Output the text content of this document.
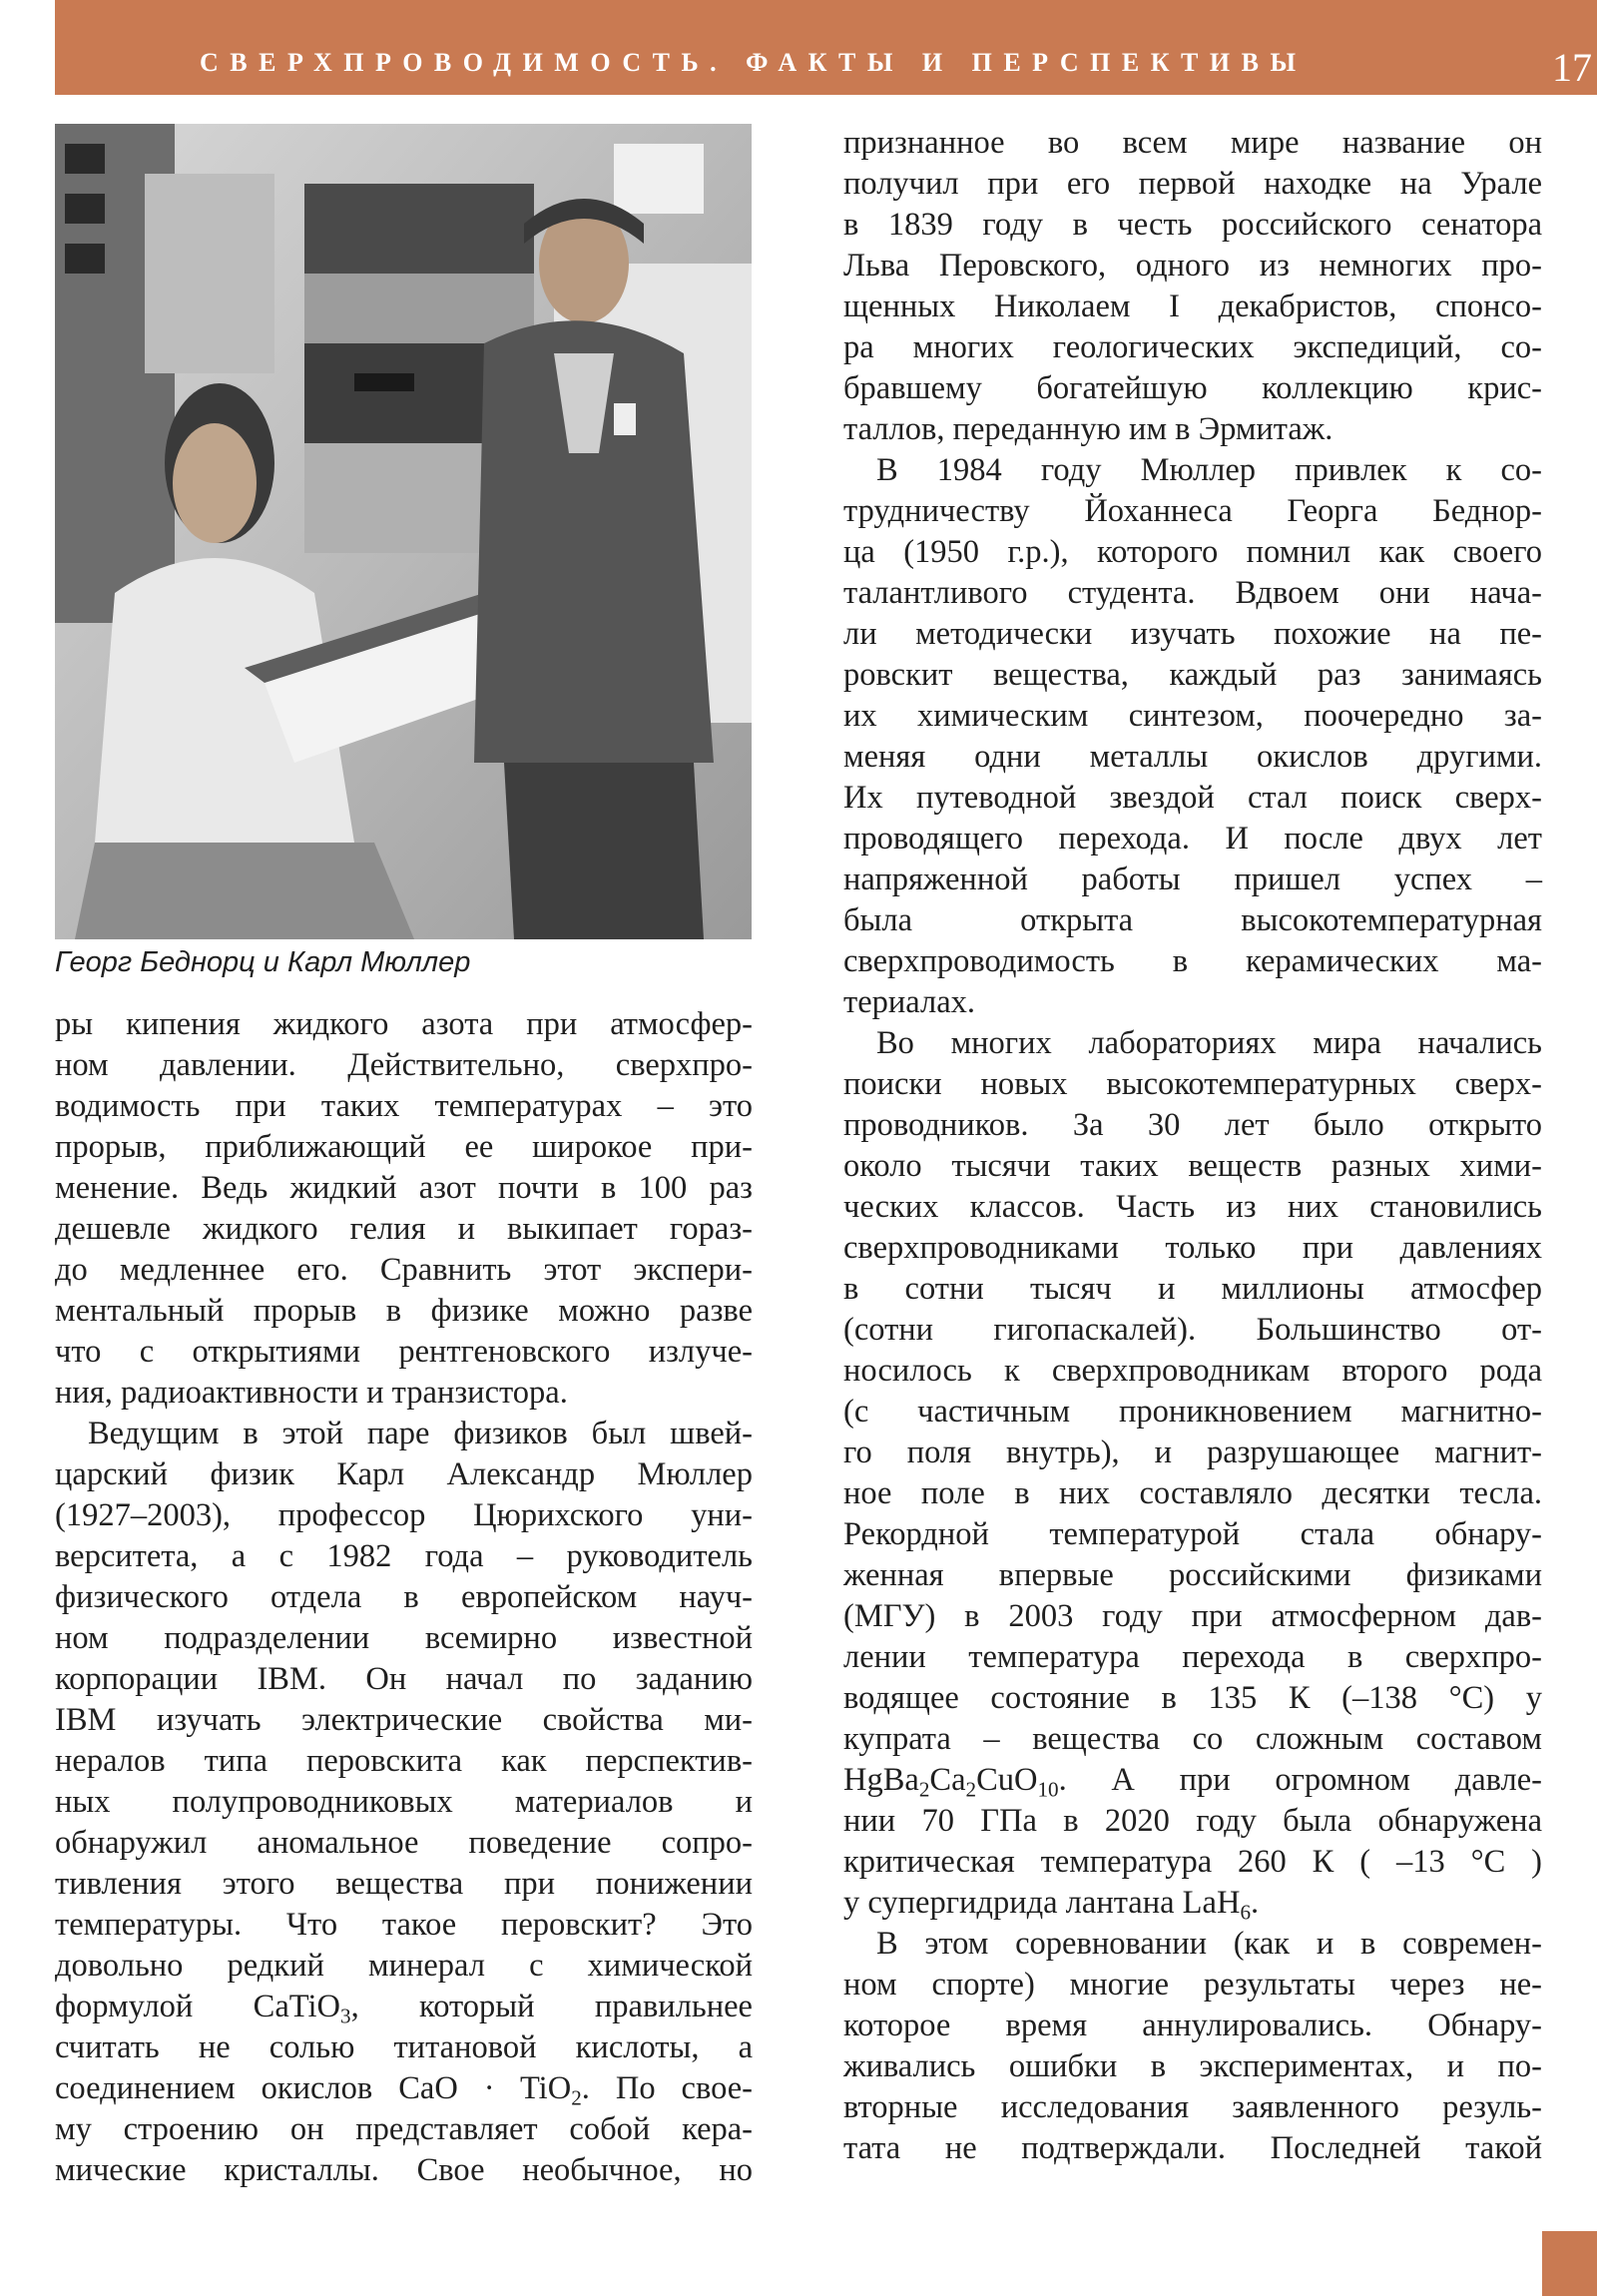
СВЕРХПРОВОДИМОСТЬ. ФАКТЫ И ПЕРСПЕКТИВЫ	17
Георг Беднорц и Карл Мюллер
ры кипения жидкого азота при атмосфер-
ном давлении. Действительно, сверхпро-
водимость при таких температурах – это
прорыв, приближающий ее широкое при-
менение. Ведь жидкий азот почти в 100 раз
дешевле жидкого гелия и выкипает гораз-
до медленнее его. Сравнить этот экспери-
ментальный прорыв в физике можно разве
что с открытиями рентгеновского излуче-
ния, радиоактивности и транзистора.
Ведущим в этой паре физиков был швей-
царский физик Карл Александр Мюллер
(1927–2003), профессор Цюрихского уни-
верситета, а с 1982 года – руководитель
физического отдела в европейском науч-
ном подразделении всемирно известной
корпорации IBM. Он начал по заданию
IBM изучать электрические свойства ми-
нералов типа перовскита как перспектив-
ных полупроводниковых материалов и
обнаружил аномальное поведение сопро-
тивления этого вещества при понижении
температуры. Что такое перовскит? Это
довольно редкий минерал с химической
формулой CaTiO$_3$, который правильнее
считать не солью титановой кислоты, а
соединением окислов CaO · TiO$_2$. По свое-
му строению он представляет собой кера-
мические кристаллы. Свое необычное, но
признанное во всем мире название он
получил при его первой находке на Урале
в 1839 году в честь российского сенатора
Льва Перовского, одного из немногих про-
щенных Николаем I декабристов, спонсо-
ра многих геологических экспедиций, со-
бравшему богатейшую коллекцию крис-
таллов, переданную им в Эрмитаж.
В 1984 году Мюллер привлек к со-
трудничеству Йоханнеса Георга Беднор-
ца (1950 г.р.), которого помнил как своего
талантливого студента. Вдвоем они нача-
ли методически изучать похожие на пе-
ровскит вещества, каждый раз занимаясь
их химическим синтезом, поочередно за-
меняя одни металлы окислов другими.
Их путеводной звездой стал поиск сверх-
проводящего перехода. И после двух лет
напряженной работы пришел успех –
была открыта высокотемпературная
сверхпроводимость в керамических ма-
териалах.
Во многих лабораториях мира начались
поиски новых высокотемпературных сверх-
проводников. За 30 лет было открыто
около тысячи таких веществ разных хими-
ческих классов. Часть из них становились
сверхпроводниками только при давлениях
в сотни тысяч и миллионы атмосфер
(сотни гигопаскалей). Большинство от-
носилось к сверхпроводникам второго рода
(с частичным проникновением магнитно-
го поля внутрь), и разрушающее магнит-
ное поле в них составляло десятки тесла.
Рекордной температурой стала обнару-
женная впервые российскими физиками
(МГУ) в 2003 году при атмосферном дав-
лении температура перехода в сверхпро-
водящее состояние в 135 К (–138 °С) у
купрата – вещества со сложным составом
$HgBa_2Ca_2CuO_{10}$. А при огромном давле-
нии 70 ГПа в 2020 году была обнаружена
критическая температура 260 К ( –13 °С )
у супергидрида лантана LaH$_6$.
В этом соревновании (как и в современ-
ном спорте) многие результаты через не-
которое время аннулировались. Обнару-
живались ошибки в экспериментах, и по-
вторные исследования заявленного резуль-
тата не подтверждали. Последней такой
